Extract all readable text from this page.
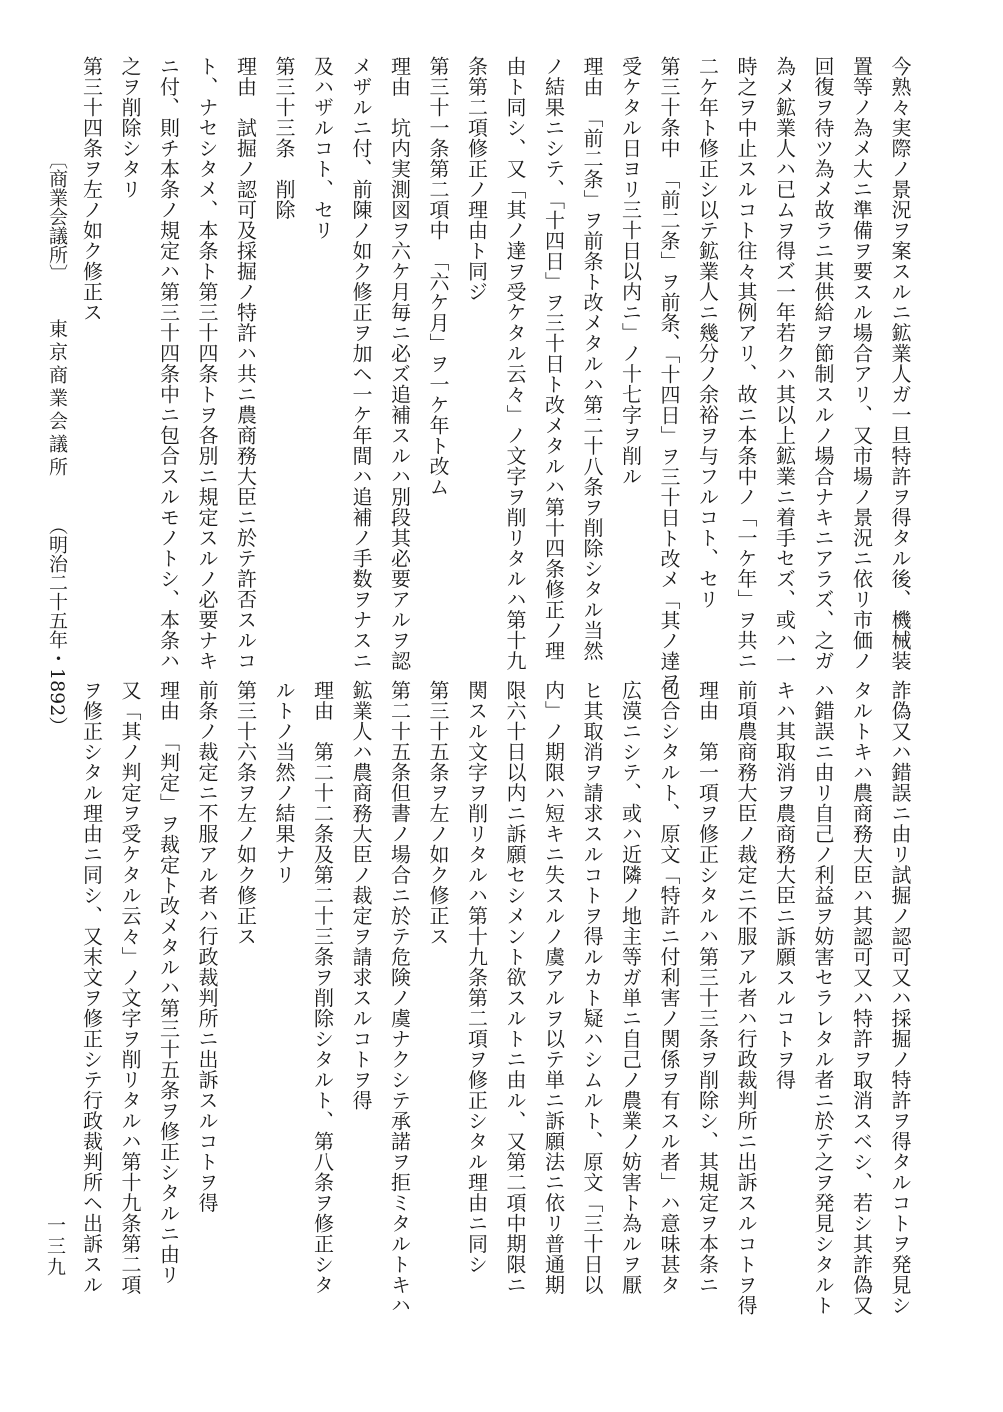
今熟々実際ノ景況ヲ案スルニ鉱業人ガ一旦特許ヲ得タル後、機械装
置等ノ為メ大ニ準備ヲ要スル場合アリ、又市場ノ景況ニ依リ市価ノ
回復ヲ待ツ為メ故ラニ其供給ヲ節制スルノ場合ナキニアラズ、之ガ
為メ鉱業人ハ已ムヲ得ズ一年若クハ其以上鉱業ニ着手セズ、或ハ一
時之ヲ中止スルコト往々其例アリ、故ニ本条中ノ「一ケ年」ヲ共ニ
二ケ年ト修正シ以テ鉱業人ニ幾分ノ余裕ヲ与フルコト、セリ
第三十条中　「前二条」ヲ前条、「十四日」ヲ三十日ト改メ「其ノ達ヲ
受ケタル日ヨリ三十日以内ニ」ノ十七字ヲ削ル
理由　「前二条」ヲ前条ト改メタルハ第二十八条ヲ削除シタル当然
ノ結果ニシテ、「十四日」ヲ三十日ト改メタルハ第十四条修正ノ理
由ト同シ、又「其ノ達ヲ受ケタル云々」ノ文字ヲ削リタルハ第十九
条第二項修正ノ理由ト同ジ
第三十一条第二項中　「六ケ月」ヲ一ケ年ト改ム
理由　坑内実測図ヲ六ケ月毎ニ必ズ追補スルハ別段其必要アルヲ認
メザルニ付、前陳ノ如ク修正ヲ加ヘ一ケ年間ハ追補ノ手数ヲナスニ
及ハザルコト、セリ
第三十三条　削除
理由　試掘ノ認可及採掘ノ特許ハ共ニ農商務大臣ニ於テ許否スルコ
ト、ナセシタメ、本条ト第三十四条トヲ各別ニ規定スルノ必要ナキ
ニ付、則チ本条ノ規定ハ第三十四条中ニ包合スルモノトシ、本条ハ
之ヲ削除シタリ
第三十四条ヲ左ノ如ク修正ス
詐偽又ハ錯誤ニ由リ試掘ノ認可又ハ採掘ノ特許ヲ得タルコトヲ発見シ
タルトキハ農商務大臣ハ其認可又ハ特許ヲ取消スベシ、若シ其詐偽又
ハ錯誤ニ由リ自己ノ利益ヲ妨害セラレタル者ニ於テ之ヲ発見シタルト
キハ其取消ヲ農商務大臣ニ訴願スルコトヲ得
前項農商務大臣ノ裁定ニ不服アル者ハ行政裁判所ニ出訴スルコトヲ得
理由　第一項ヲ修正シタルハ第三十三条ヲ削除シ、其規定ヲ本条ニ
包合シタルト、原文「特許ニ付利害ノ関係ヲ有スル者」ハ意味甚タ
広漠ニシテ、或ハ近隣ノ地主等ガ単ニ自己ノ農業ノ妨害ト為ルヲ厭
ヒ其取消ヲ請求スルコトヲ得ルカト疑ハシムルト、原文「三十日以
内」ノ期限ハ短キニ失スルノ虞アルヲ以テ単ニ訴願法ニ依リ普通期
限六十日以内ニ訴願セシメント欲スルトニ由ル、又第二項中期限ニ
関スル文字ヲ削リタルハ第十九条第二項ヲ修正シタル理由ニ同シ
第三十五条ヲ左ノ如ク修正ス
第二十五条但書ノ場合ニ於テ危険ノ虞ナクシテ承諾ヲ拒ミタルトキハ
鉱業人ハ農商務大臣ノ裁定ヲ請求スルコトヲ得
理由　第二十二条及第二十三条ヲ削除シタルト、第八条ヲ修正シタ
ルトノ当然ノ結果ナリ
第三十六条ヲ左ノ如ク修正ス
前条ノ裁定ニ不服アル者ハ行政裁判所ニ出訴スルコトヲ得
理由　「判定」ヲ裁定ト改メタルハ第三十五条ヲ修正シタルニ由リ
又「其ノ判定ヲ受ケタル云々」ノ文字ヲ削リタルハ第十九条第二項
ヲ修正シタル理由ニ同シ、又末文ヲ修正シテ行政裁判所ヘ出訴スル
〔商業会議所〕  東京商業会議所  （明治二十五年・1892）
一三九
